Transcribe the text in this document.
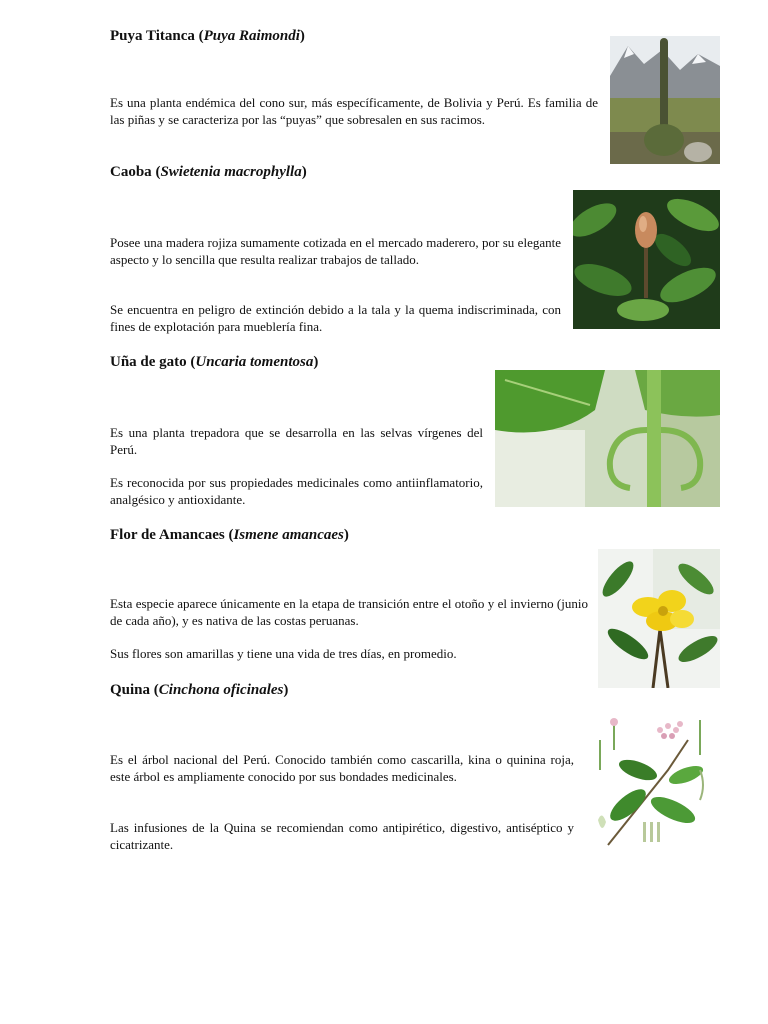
Puya Titanca (Puya Raimondi)

Es una planta endémica del cono sur, más específicamente, de Bolivia y Perú. Es familia de las piñas y se caracteriza por las “puyas” que sobresalen en sus racimos.

Caoba (Swietenia macrophylla)

Posee una madera rojiza sumamente cotizada en el mercado maderero, por su elegante aspecto y lo sencilla que resulta realizar trabajos de tallado.

Se encuentra en peligro de extinción debido a la tala y la quema indiscriminada, con fines de explotación para mueblería fina.

Uña de gato (Uncaria tomentosa)

Es una planta trepadora que se desarrolla en las selvas vírgenes del Perú.

Es reconocida por sus propiedades medicinales como antiinflamatorio, analgésico y antioxidante.

Flor de Amancaes (Ismene amancaes)

Esta especie aparece únicamente en la etapa de transición entre el otoño y el invierno (junio de cada año), y es nativa de las costas peruanas.

Sus flores son amarillas y tiene una vida de tres días, en promedio.

Quina (Cinchona oficinales)

Es el árbol nacional del Perú. Conocido también como cascarilla, kina o quinina roja, este árbol es ampliamente conocido por sus bondades medicinales.

Las infusiones de la Quina se recomiendan como antipirético, digestivo, antiséptico y cicatrizante.
